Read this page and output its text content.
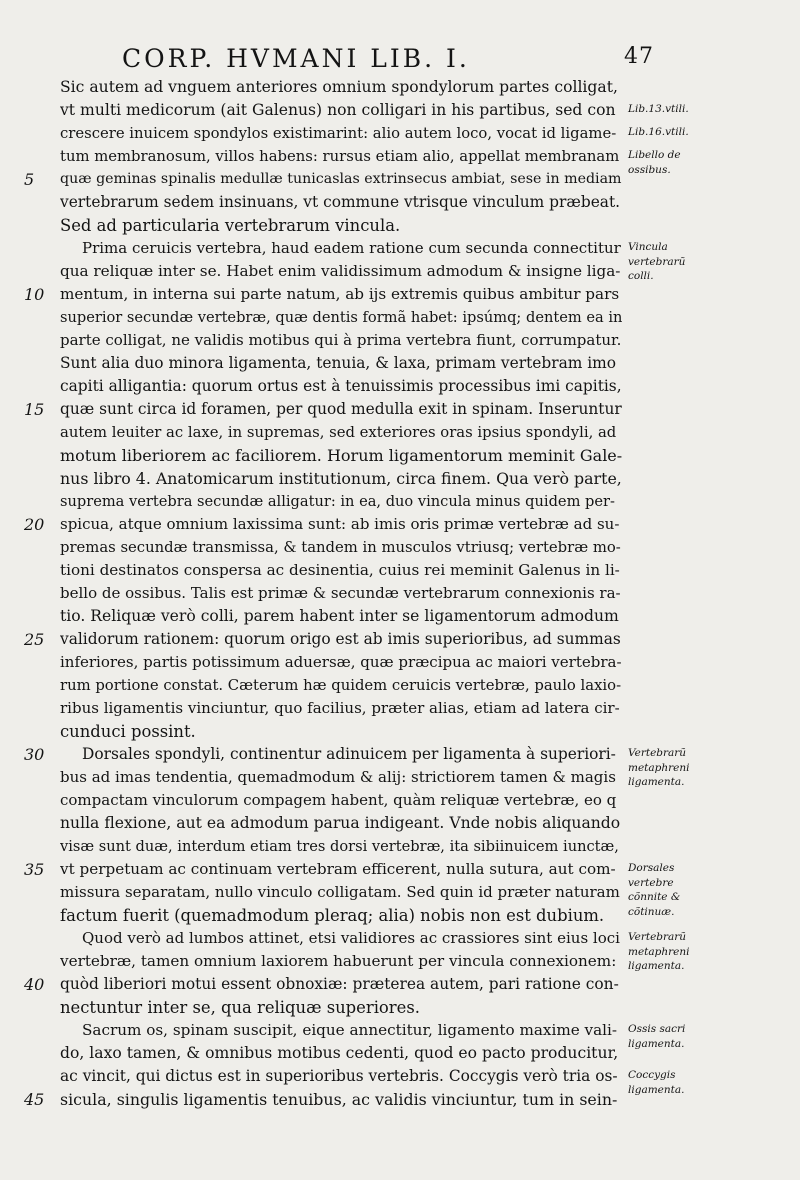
CORP. HVMANI LIB. I.	47
Sic autem ad vnguem anteriores omnium spondylorum partes colligat,
vt multi medicorum (ait Galenus) non colligari in his partibus, sed con
crescere inuicem spondylos existimarint: alio autem loco, vocat id ligame-
tum membranosum, villos habens: rursus etiam alio, appellat membranam
quæ geminas spinalis medullæ tunicaslas extrinsecus ambiat, sese in mediam
vertebrarum sedem insinuans, vt commune vtrisque vinculum præbeat.
Sed ad particularia vertebrarum vincula.
Prima ceruicis vertebra, haud eadem ratione cum secunda connectitur
qua reliquæ inter se. Habet enim validissimum admodum & insigne liga-
mentum, in interna sui parte natum, ab ijs extremis quibus ambitur pars
superior secundæ vertebræ, quæ dentis formã habet: ipsúmq; dentem ea in
parte colligat, ne validis motibus qui à prima vertebra fiunt, corrumpatur.
Sunt alia duo minora ligamenta, tenuia, & laxa, primam vertebram imo
capiti alligantia: quorum ortus est à tenuissimis processibus imi capitis,
quæ sunt circa id foramen, per quod medulla exit in spinam. Inseruntur
autem leuiter ac laxe, in supremas, sed exteriores oras ipsius spondyli, ad
motum liberiorem ac faciliorem. Horum ligamentorum meminit Gale-
nus libro 4. Anatomicarum institutionum, circa finem. Qua verò parte,
suprema vertebra secundæ alligatur: in ea, duo vincula minus quidem per-
spicua, atque omnium laxissima sunt: ab imis oris primæ vertebræ ad su-
premas secundæ transmissa, & tandem in musculos vtriusq; vertebræ mo-
tioni destinatos conspersa ac desinentia, cuius rei meminit Galenus in li-
bello de ossibus. Talis est primæ & secundæ vertebrarum connexionis ra-
tio. Reliquæ verò colli, parem habent inter se ligamentorum admodum
validorum rationem: quorum origo est ab imis superioribus, ad summas
inferiores, partis potissimum aduersæ, quæ præcipua ac maiori vertebra-
rum portione constat. Cæterum hæ quidem ceruicis vertebræ, paulo laxio-
ribus ligamentis vinciuntur, quo facilius, præter alias, etiam ad latera cir-
cunduci possint.
Dorsales spondyli, continentur adinuicem per ligamenta à superiori-
bus ad imas tendentia, quemadmodum & alij: strictiorem tamen & magis
compactam vinculorum compagem habent, quàm reliquæ vertebræ, eo q
nulla flexione, aut ea admodum parua indigeant. Vnde nobis aliquando
visæ sunt duæ, interdum etiam tres dorsi vertebræ, ita sibiinuicem iunctæ,
vt perpetuam ac continuam vertebram efficerent, nulla sutura, aut com-
missura separatam, nullo vinculo colligatam. Sed quin id præter naturam
factum fuerit (quemadmodum pleraq; alia) nobis non est dubium.
Quod verò ad lumbos attinet, etsi validiores ac crassiores sint eius loci
vertebræ, tamen omnium laxiorem habuerunt per vincula connexionem:
quòd liberiori motui essent obnoxiæ: præterea autem, pari ratione con-
nectuntur inter se, qua reliquæ superiores.
Sacrum os, spinam suscipit, eique annectitur, ligamento maxime vali-
do, laxo tamen, & omnibus motibus cedenti, quod eo pacto producitur,
ac vincit, qui dictus est in superioribus vertebris. Coccygis verò tria os-
sicula, singulis ligamentis tenuibus, ac validis vinciuntur, tum in sein-
5
10
15
20
25
30
35
40
45
Lib.13.vtili.
Lib.16.vtili.
Libello de ossibus.
Vincula vertebrarũ colli.
Vertebrarũ metaphreni ligamenta.
Dorsales vertebre cõnnite & cõtinuæ.
Vertebrarũ metaphreni ligamenta.
Ossis sacri ligamenta.
Coccygis ligamenta.
